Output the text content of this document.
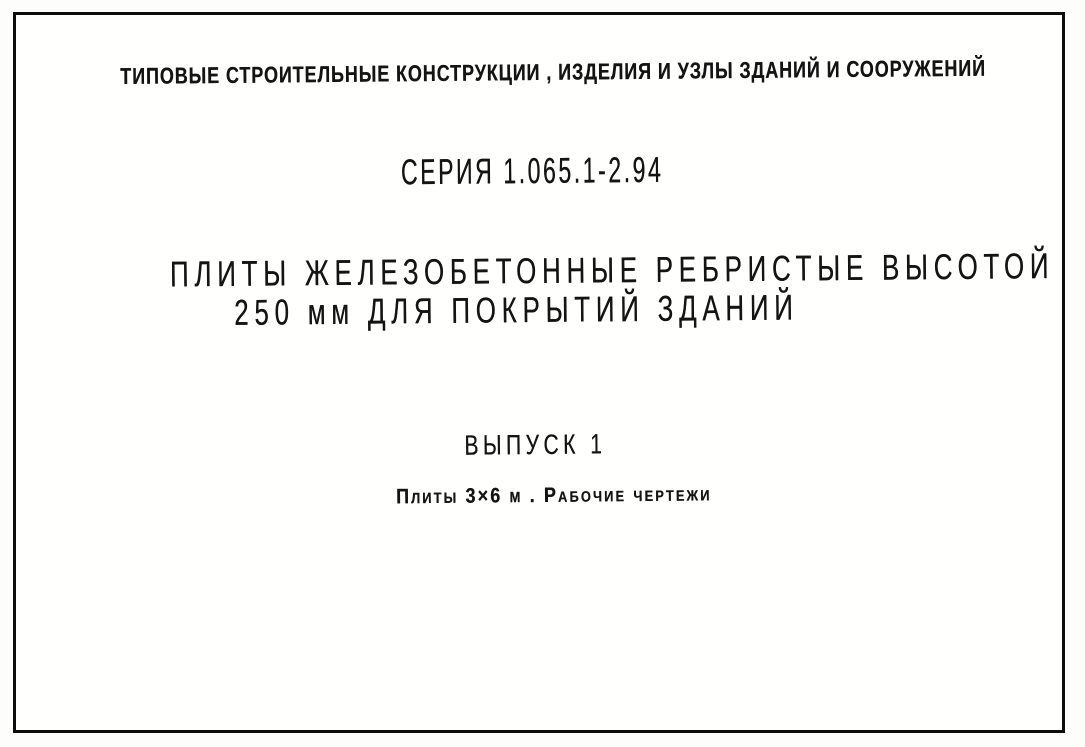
ТИПОВЫЕ СТРОИТЕЛЬНЫЕ КОНСТРУКЦИИ , ИЗДЕЛИЯ И УЗЛЫ ЗДАНИЙ И СООРУЖЕНИЙ
СЕРИЯ 1.065.1-2.94
ПЛИТЫ ЖЕЛЕЗОБЕТОННЫЕ РЕБРИСТЫЕ ВЫСОТОЙ
250 мм ДЛЯ ПОКРЫТИЙ ЗДАНИЙ
ВЫПУСК 1
Плиты 3×6 м . Рабочие чертежи
